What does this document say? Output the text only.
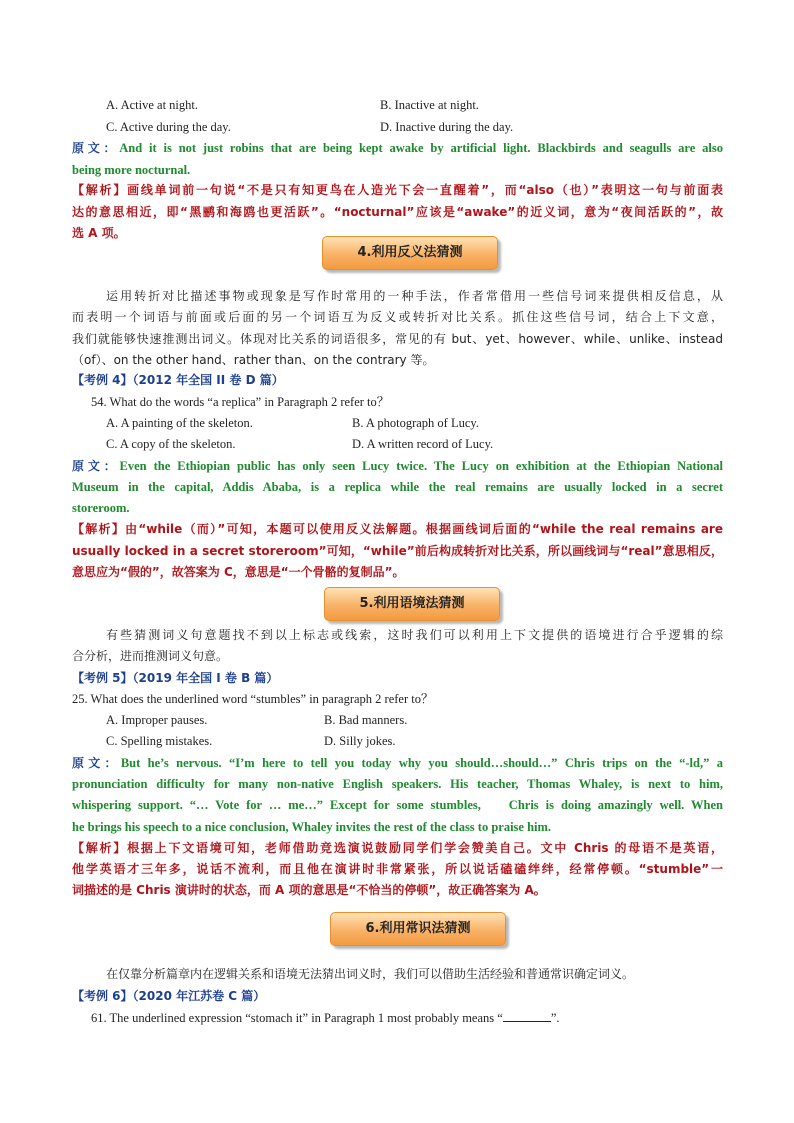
A. Active at night.	B. Inactive at night.
C. Active during the day.	D. Inactive during the day.
原文：And it is not just robins that are being kept awake by artificial light. Blackbirds and seagulls are also
being more nocturnal.
【解析】画线单词前一句说“不是只有知更鸟在人造光下会一直醒着”，而“also（也）”表明这一句与前面表
达的意思相近，即“黑鹂和海鸥也更活跃”。“nocturnal”应该是“awake”的近义词，意为“夜间活跃的”，故
选 A 项。
4.利用反义法猜测
运用转折对比描述事物或现象是写作时常用的一种手法，作者常借用一些信号词来提供相反信息，从
而表明一个词语与前面或后面的另一个词语互为反义或转折对比关系。抓住这些信号词，结合上下文意，
我们就能够快速推测出词义。体现对比关系的词语很多，常见的有 but、yet、however、while、unlike、instead
（of）、on the other hand、rather than、on the contrary 等。
【考例 4】（2012 年全国 II 卷 D 篇）
54. What do the words “a replica” in Paragraph 2 refer to？
A. A painting of the skeleton.	B. A photograph of Lucy.
C. A copy of the skeleton.	D. A written record of Lucy.
原文：Even the Ethiopian public has only seen Lucy twice. The Lucy on exhibition at the Ethiopian National
Museum in the capital, Addis Ababa, is a replica while the real remains are usually locked in a secret
storeroom.
【解析】由“while（而）”可知，本题可以使用反义法解题。根据画线词后面的“while the real remains are
usually locked in a secret storeroom”可知，“while”前后构成转折对比关系，所以画线词与“real”意思相反，
意思应为“假的”，故答案为 C，意思是“一个骨骼的复制品”。
5.利用语境法猜测
有些猜测词义句意题找不到以上标志或线索，这时我们可以利用上下文提供的语境进行合乎逻辑的综
合分析，进而推测词义句意。
【考例 5】（2019 年全国 I 卷 B 篇）
25. What does the underlined word “stumbles” in paragraph 2 refer to？
A. Improper pauses.	B. Bad manners.
C. Spelling mistakes.	D. Silly jokes.
原文：But he’s nervous. “I’m here to tell you today why you should…should…” Chris trips on the “-ld,” a
pronunciation difficulty for many non-native English speakers. His teacher, Thomas Whaley, is next to him,
whispering support. “… Vote for … me…” Except for some stumbles,    Chris is doing amazingly well. When
he brings his speech to a nice conclusion, Whaley invites the rest of the class to praise him.
【解析】根据上下文语境可知，老师借助竞选演说鼓励同学们学会赞美自己。文中 Chris 的母语不是英语，
他学英语才三年多，说话不流利，而且他在演讲时非常紧张，所以说话磕磕绊绊，经常停顿。“stumble”一
词描述的是 Chris 演讲时的状态，而 A 项的意思是“不恰当的停顿”，故正确答案为 A。
6.利用常识法猜测
在仅靠分析篇章内在逻辑关系和语境无法猜出词义时，我们可以借助生活经验和普通常识确定词义。
【考例 6】（2020 年江苏卷 C 篇）
61. The underlined expression “stomach it” in Paragraph 1 most probably means “	”.
